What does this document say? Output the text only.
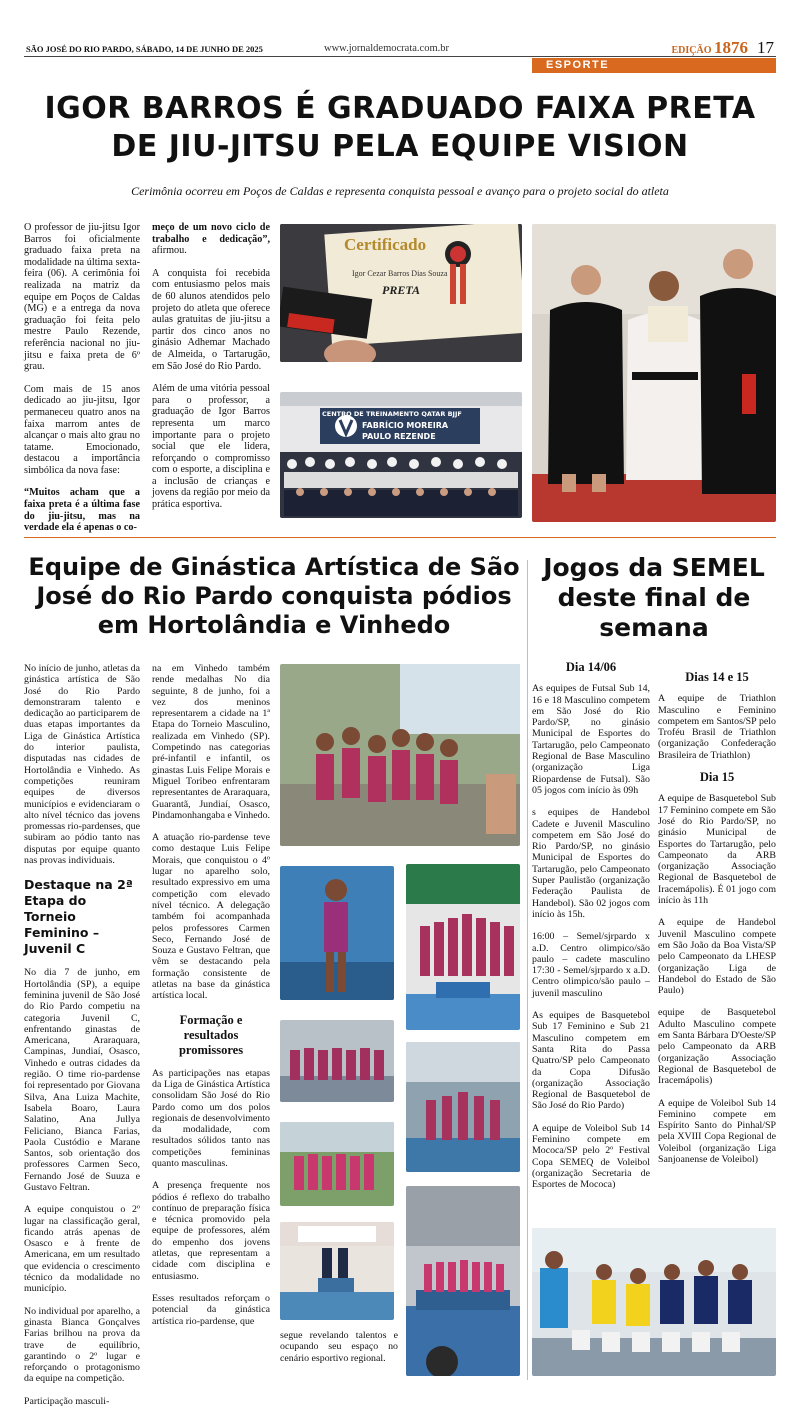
SÃO JOSÉ DO RIO PARDO, SÁBADO, 14 DE JUNHO DE 2025	www.jornaldemocrata.com.br	EDIÇÃO 1876 17
ESPORTE
IGOR BARROS É GRADUADO FAIXA PRETA DE JIU-JITSU PELA EQUIPE VISION
Cerimônia ocorreu em Poços de Caldas e representa conquista pessoal e avanço para o projeto social do atleta

O professor de jiu-jitsu Igor Barros foi oficialmente graduado faixa preta na modalidade na última sexta-feira (06). A cerimônia foi realizada na matriz da equipe em Poços de Caldas (MG) e a entrega da nova graduação foi feita pelo mestre Paulo Rezende, referência nacional no jiu-jitsu e faixa preta de 6º grau.

Com mais de 15 anos dedicado ao jiu-jitsu, Igor permaneceu quatro anos na faixa marrom antes de alcançar o mais alto grau no tatame. Emocionado, destacou a importância simbólica da nova fase:

“Muitos acham que a faixa preta é a última fase do jiu-jitsu, mas na verdade ela é apenas o co-

meço de um novo ciclo de trabalho e dedicação”, afirmou.

A conquista foi recebida com entusiasmo pelos mais de 60 alunos atendidos pelo projeto do atleta que oferece aulas gratuitas de jiu-jitsu a partir dos cinco anos no ginásio Adhemar Machado de Almeida, o Tartarugão, em São José do Rio Pardo.

Além de uma vitória pessoal para o professor, a graduação de Igor Barros representa um marco importante para o projeto social que ele lidera, reforçando o compromisso com o esporte, a disciplina e a inclusão de crianças e jovens da região por meio da prática esportiva.

Certificado
Igor Cezar Barros Dias Souza
PRETA
CENTRO DE TREINAMENTO QATAR BJJF
FABRÍCIO MOREIRA
PAULO REZENDE
Equipe de Ginástica Artística de São José do Rio Pardo conquista pódios em Hortolândia e Vinhedo

No início de junho, atletas da ginástica artística de São José do Rio Pardo demonstraram talento e dedicação ao participarem de duas etapas importantes da Liga de Ginástica Artística do interior paulista, disputadas nas cidades de Hortolândia e Vinhedo. As competições reuniram equipes de diversos municípios e evidenciaram o alto nível técnico das jovens promessas rio-pardenses, que subiram ao pódio tanto nas disputas por equipe quanto nas provas individuais.

Destaque na 2ª Etapa do Torneio Feminino – Juvenil C

No dia 7 de junho, em Hortolândia (SP), a equipe feminina juvenil de São José do Rio Pardo competiu na categoria Juvenil C, enfrentando ginastas de Americana, Araraquara, Campinas, Jundiaí, Osasco, Vinhedo e outras cidades da região. O time rio-pardense foi representado por Giovana Silva, Ana Luiza Machite, Isabela Boaro, Laura Salatino, Ana Jullya Feliciano, Bianca Farias, Paola Custódio e Marane Santos, sob orientação dos professores Carmen Seco, Fernando José de Suuza e Gustavo Feltran.

A equipe conquistou o 2º lugar na classificação geral, ficando atrás apenas de Osasco e à frente de Americana, em um resultado que evidencia o crescimento técnico da modalidade no município.

No individual por aparelho, a ginasta Bianca Gonçalves Farias brilhou na prova da trave de equilíbrio, garantindo o 2º lugar e reforçando o protagonismo da equipe na competição.

Participação masculi-

na em Vinhedo também rende medalhas No dia seguinte, 8 de junho, foi a vez dos meninos representarem a cidade na 1ª Etapa do Torneio Masculino, realizada em Vinhedo (SP). Competindo nas categorias pré-infantil e infantil, os ginastas Luis Felipe Morais e Miguel Toribeo enfrentaram representantes de Araraquara, Guarantã, Jundiaí, Osasco, Pindamonhangaba e Vinhedo.

A atuação rio-pardense teve como destaque Luis Felipe Morais, que conquistou o 4º lugar no aparelho solo, resultado expressivo em uma competição com elevado nível técnico. A delegação também foi acompanhada pelos professores Carmen Seco, Fernando José de Souza e Gustavo Feltran, que vêm se destacando pela formação consistente de atletas na base da ginástica artística local.

Formação e resultados promissores

As participações nas etapas da Liga de Ginástica Artística consolidam São José do Rio Pardo como um dos polos regionais de desenvolvimento da modalidade, com resultados sólidos tanto nas competições femininas quanto masculinas.

A presença frequente nos pódios é reflexo do trabalho contínuo de preparação física e técnica promovido pela equipe de professores, além do empenho dos jovens atletas, que representam a cidade com disciplina e entusiasmo.

Esses resultados reforçam o potencial da ginástica artística rio-pardense, que

segue revelando talentos e ocupando seu espaço no cenário esportivo regional.

Jogos da SEMEL deste final de semana
Dia 14/06

As equipes de Futsal Sub 14, 16 e 18 Masculino competem em São José do Rio Pardo/SP, no ginásio Municipal de Esportes do Tartarugão, pelo Campeonato Regional de Base Masculino (organização Liga Riopardense de Futsal). São 05 jogos com início às 09h

s equipes de Handebol Cadete e Juvenil Masculino competem em São José do Rio Pardo/SP, no ginásio Municipal de Esportes do Tartarugão, pelo Campeonato Super Paulistão (organização Federação Paulista de Handebol). São 02 jogos com início às 15h.

16:00 – Semel/sjrpardo x a.D. Centro olimpico/são paulo – cadete masculino 17:30 - Semel/sjrpardo x a.D. Centro olimpico/são paulo – juvenil masculino

As equipes de Basquetebol Sub 17 Feminino e Sub 21 Masculino competem em Santa Rita do Passa Quatro/SP pelo Campeonato da Copa Difusão (organização Associação Regional de Basquetebol de São José do Rio Pardo)

A equipe de Voleibol Sub 14 Feminino compete em Mococa/SP pelo 2º Festival Copa SEMEQ de Voleibol (organização Secretaria de Esportes de Mococa)

Dias 14 e 15

A equipe de Triathlon Masculino e Feminino competem em Santos/SP pelo Troféu Brasil de Triathlon (organização Confederação Brasileira de Triathlon)

Dia 15

A equipe de Basquetebol Sub 17 Feminino compete em São José do Rio Pardo/SP, no ginásio Municipal de Esportes do Tartarugão, pelo Campeonato da ARB (organização Associação Regional de Basquetebol de Iracemápolis). É 01 jogo com início às 11h

A equipe de Handebol Juvenil Masculino compete em São João da Boa Vista/SP pelo Campeonato da LHESP (organização Liga de Handebol do Estado de São Paulo)

equipe de Basquetebol Adulto Masculino compete em Santa Bárbara D'Oeste/SP pelo Campeonato da ARB (organização Associação Regional de Basquetebol de Iracemápolis)

A equipe de Voleibol Sub 14 Feminino compete em Espírito Santo do Pinhal/SP pela XVIII Copa Regional de Voleibol (organização Liga Sanjoanense de Voleibol)
